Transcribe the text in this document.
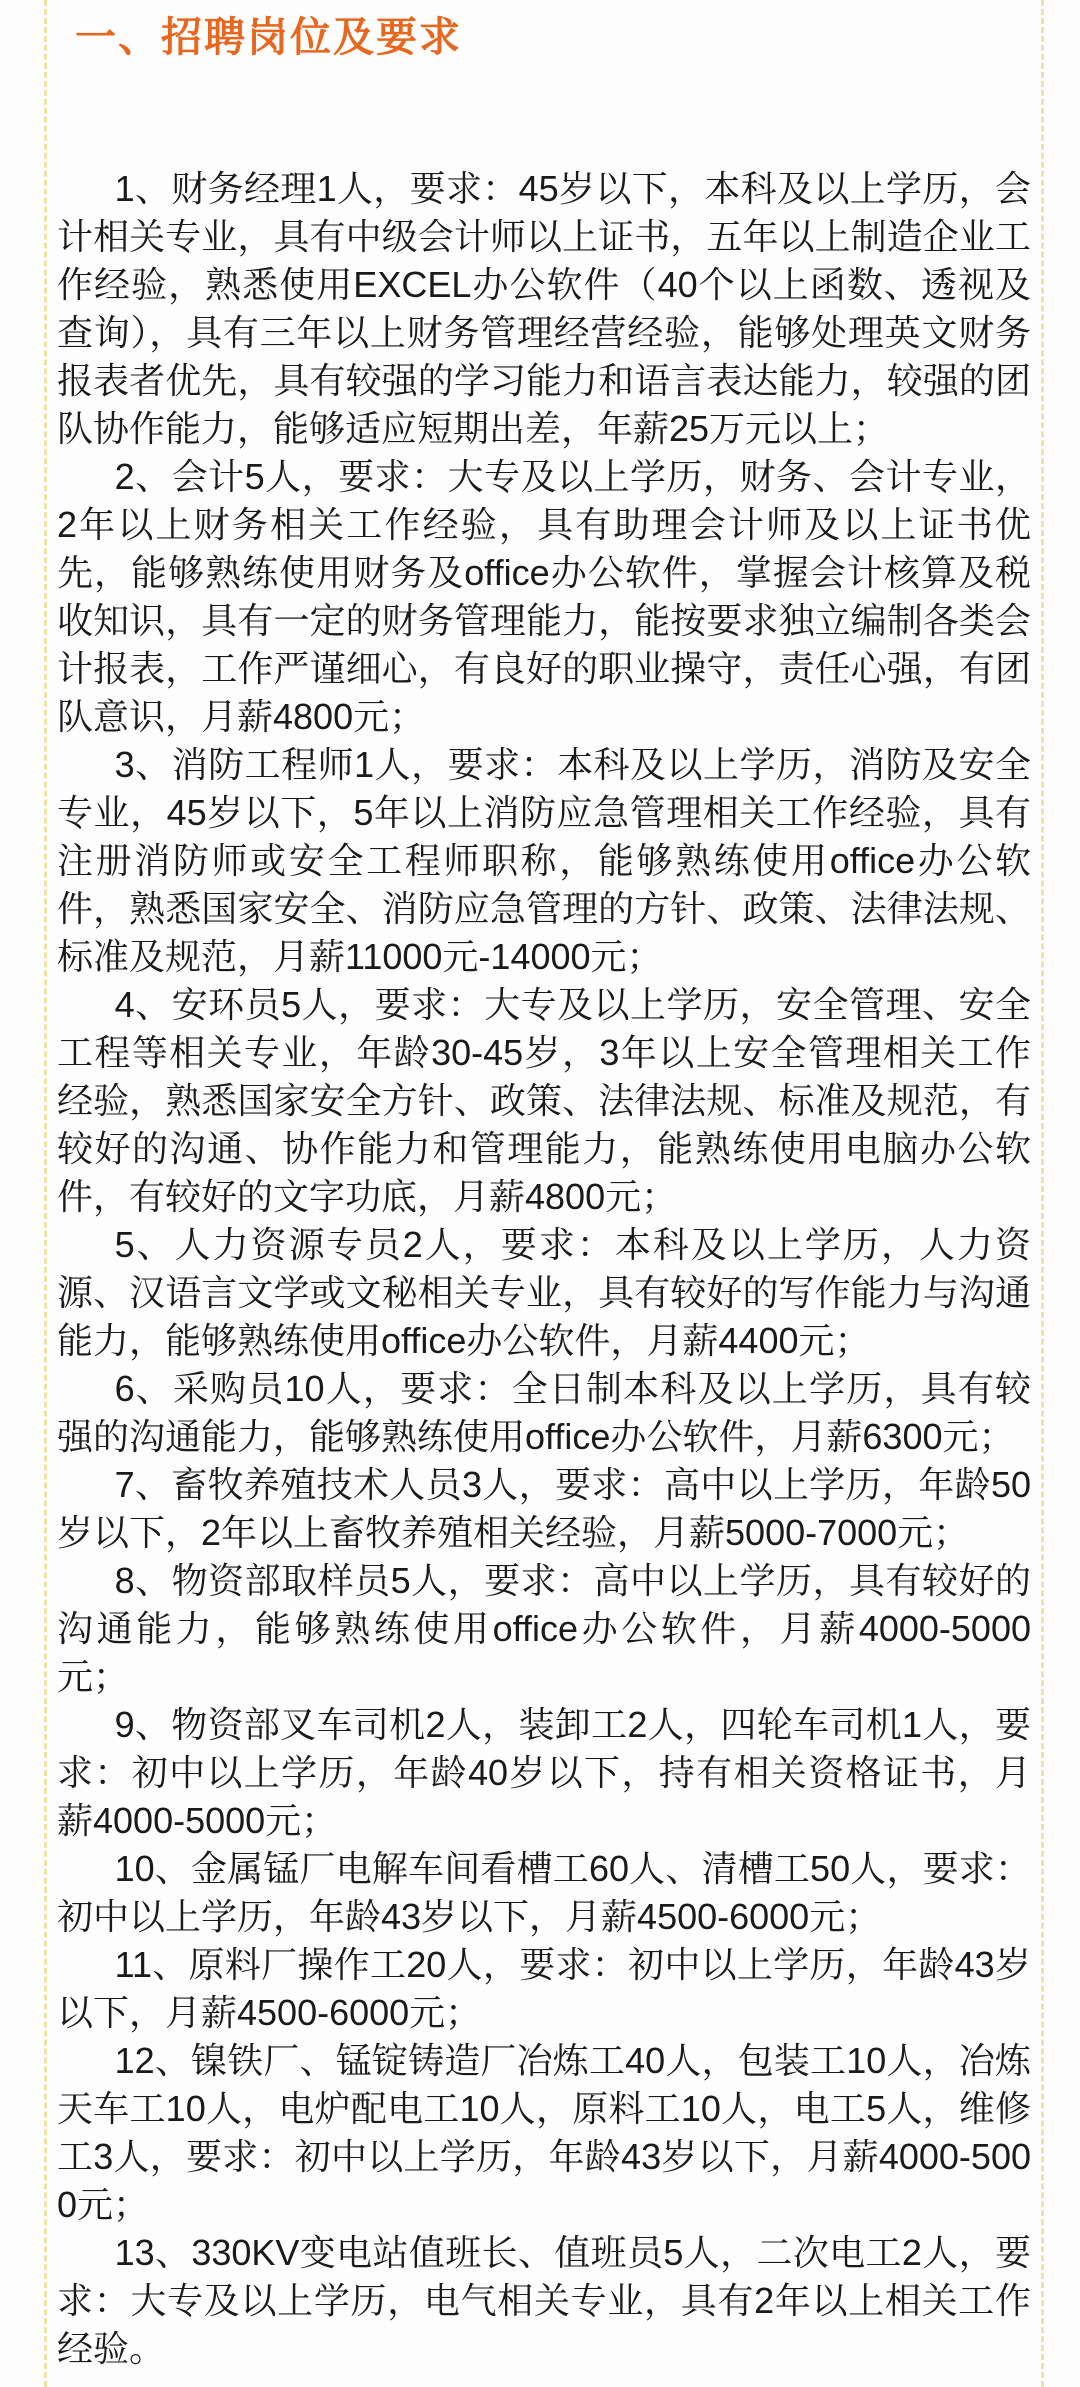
一、招聘岗位及要求

1、财务经理1人，要求：45岁以下，本科及以上学历，会计相关专业，具有中级会计师以上证书，五年以上制造企业工作经验，熟悉使用EXCEL办公软件（40个以上函数、透视及查询），具有三年以上财务管理经营经验，能够处理英文财务报表者优先，具有较强的学习能力和语言表达能力，较强的团队协作能力，能够适应短期出差，年薪25万元以上；

2、会计5人，要求：大专及以上学历，财务、会计专业，2年以上财务相关工作经验，具有助理会计师及以上证书优先，能够熟练使用财务及office办公软件，掌握会计核算及税收知识，具有一定的财务管理能力，能按要求独立编制各类会计报表，工作严谨细心，有良好的职业操守，责任心强，有团队意识，月薪4800元；

3、消防工程师1人，要求：本科及以上学历，消防及安全专业，45岁以下，5年以上消防应急管理相关工作经验，具有注册消防师或安全工程师职称，能够熟练使用office办公软件，熟悉国家安全、消防应急管理的方针、政策、法律法规、标准及规范，月薪11000元-14000元；

4、安环员5人，要求：大专及以上学历，安全管理、安全工程等相关专业，年龄30-45岁，3年以上安全管理相关工作经验，熟悉国家安全方针、政策、法律法规、标准及规范，有较好的沟通、协作能力和管理能力，能熟练使用电脑办公软件，有较好的文字功底，月薪4800元；

5、人力资源专员2人，要求：本科及以上学历，人力资源、汉语言文学或文秘相关专业，具有较好的写作能力与沟通能力，能够熟练使用office办公软件，月薪4400元；

6、采购员10人，要求：全日制本科及以上学历，具有较强的沟通能力，能够熟练使用office办公软件，月薪6300元；

7、畜牧养殖技术人员3人，要求：高中以上学历，年龄50岁以下，2年以上畜牧养殖相关经验，月薪5000-7000元；

8、物资部取样员5人，要求：高中以上学历，具有较好的沟通能力，能够熟练使用office办公软件，月薪4000-5000元；

9、物资部叉车司机2人，装卸工2人，四轮车司机1人，要求：初中以上学历，年龄40岁以下，持有相关资格证书，月薪4000-5000元；

10、金属锰厂电解车间看槽工60人、清槽工50人，要求：初中以上学历，年龄43岁以下，月薪4500-6000元；

11、原料厂操作工20人，要求：初中以上学历，年龄43岁以下，月薪4500-6000元；

12、镍铁厂、锰锭铸造厂冶炼工40人，包装工10人，冶炼天车工10人，电炉配电工10人，原料工10人，电工5人，维修工3人，要求：初中以上学历，年龄43岁以下，月薪4000-5000元；

13、330KV变电站值班长、值班员5人，二次电工2人，要求：大专及以上学历，电气相关专业，具有2年以上相关工作经验。
